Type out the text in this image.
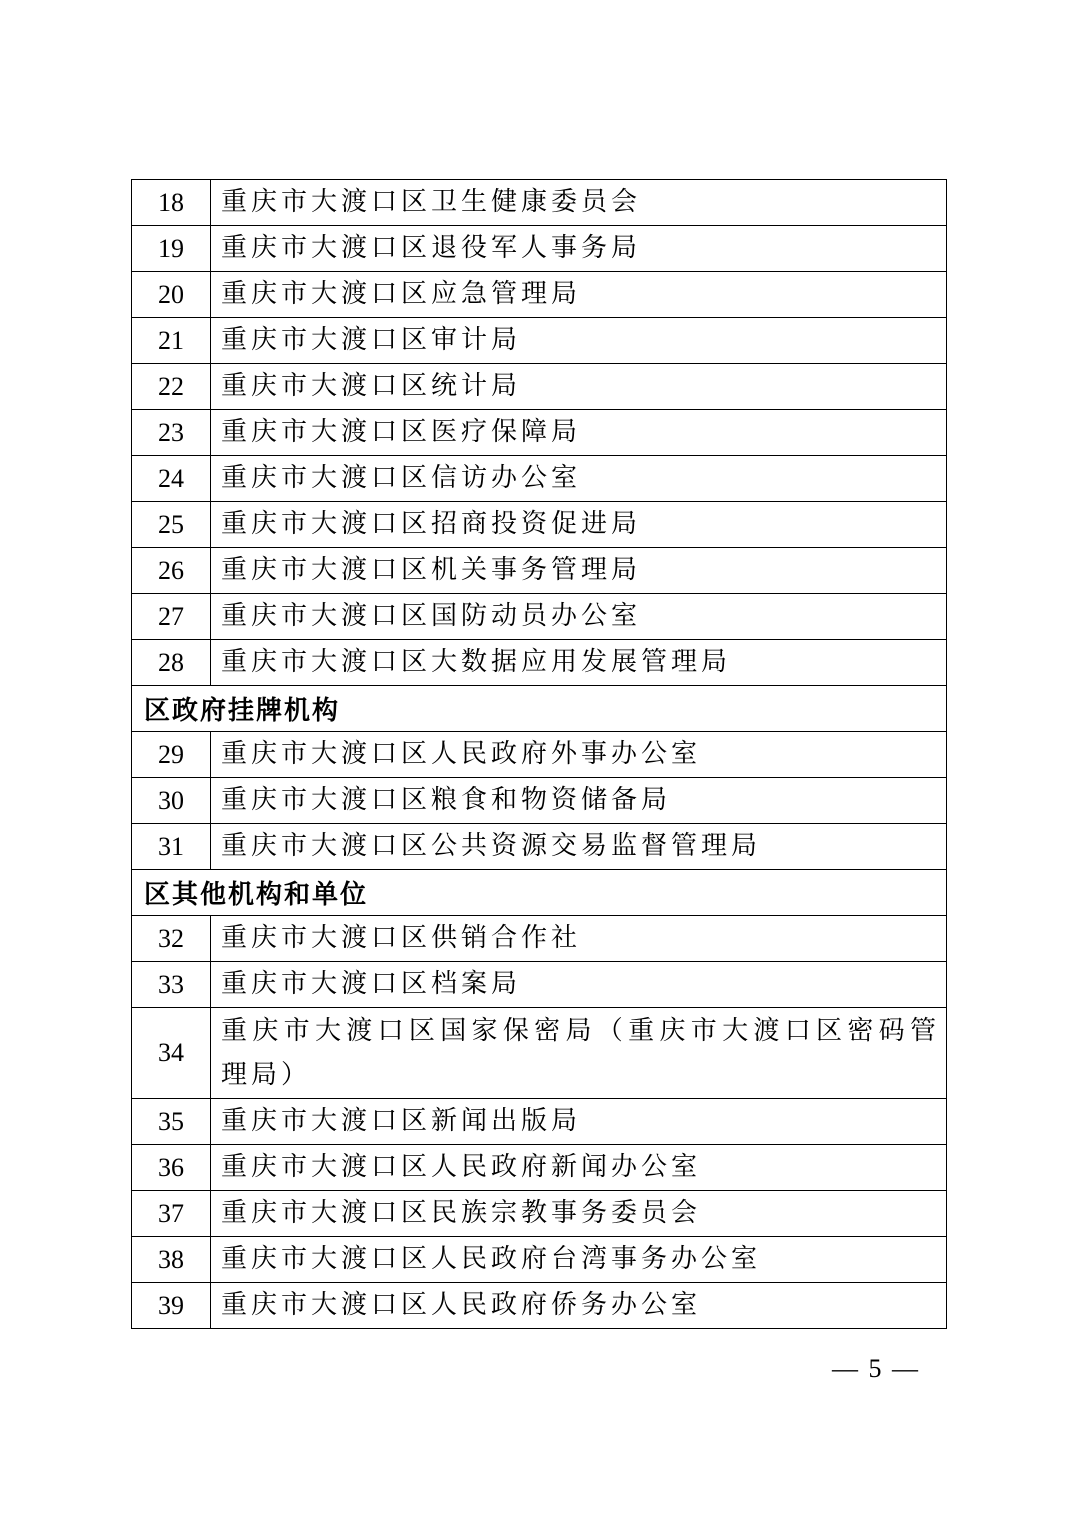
18	重庆市大渡口区卫生健康委员会
19	重庆市大渡口区退役军人事务局
20	重庆市大渡口区应急管理局
21	重庆市大渡口区审计局
22	重庆市大渡口区统计局
23	重庆市大渡口区医疗保障局
24	重庆市大渡口区信访办公室
25	重庆市大渡口区招商投资促进局
26	重庆市大渡口区机关事务管理局
27	重庆市大渡口区国防动员办公室
28	重庆市大渡口区大数据应用发展管理局
区政府挂牌机构	
29	重庆市大渡口区人民政府外事办公室
30	重庆市大渡口区粮食和物资储备局
31	重庆市大渡口区公共资源交易监督管理局
区其他机构和单位	
32	重庆市大渡口区供销合作社
33	重庆市大渡口区档案局
34	重庆市大渡口区国家保密局（重庆市大渡口区密码管理局）
35	重庆市大渡口区新闻出版局
36	重庆市大渡口区人民政府新闻办公室
37	重庆市大渡口区民族宗教事务委员会
38	重庆市大渡口区人民政府台湾事务办公室
39	重庆市大渡口区人民政府侨务办公室
— 5 —
